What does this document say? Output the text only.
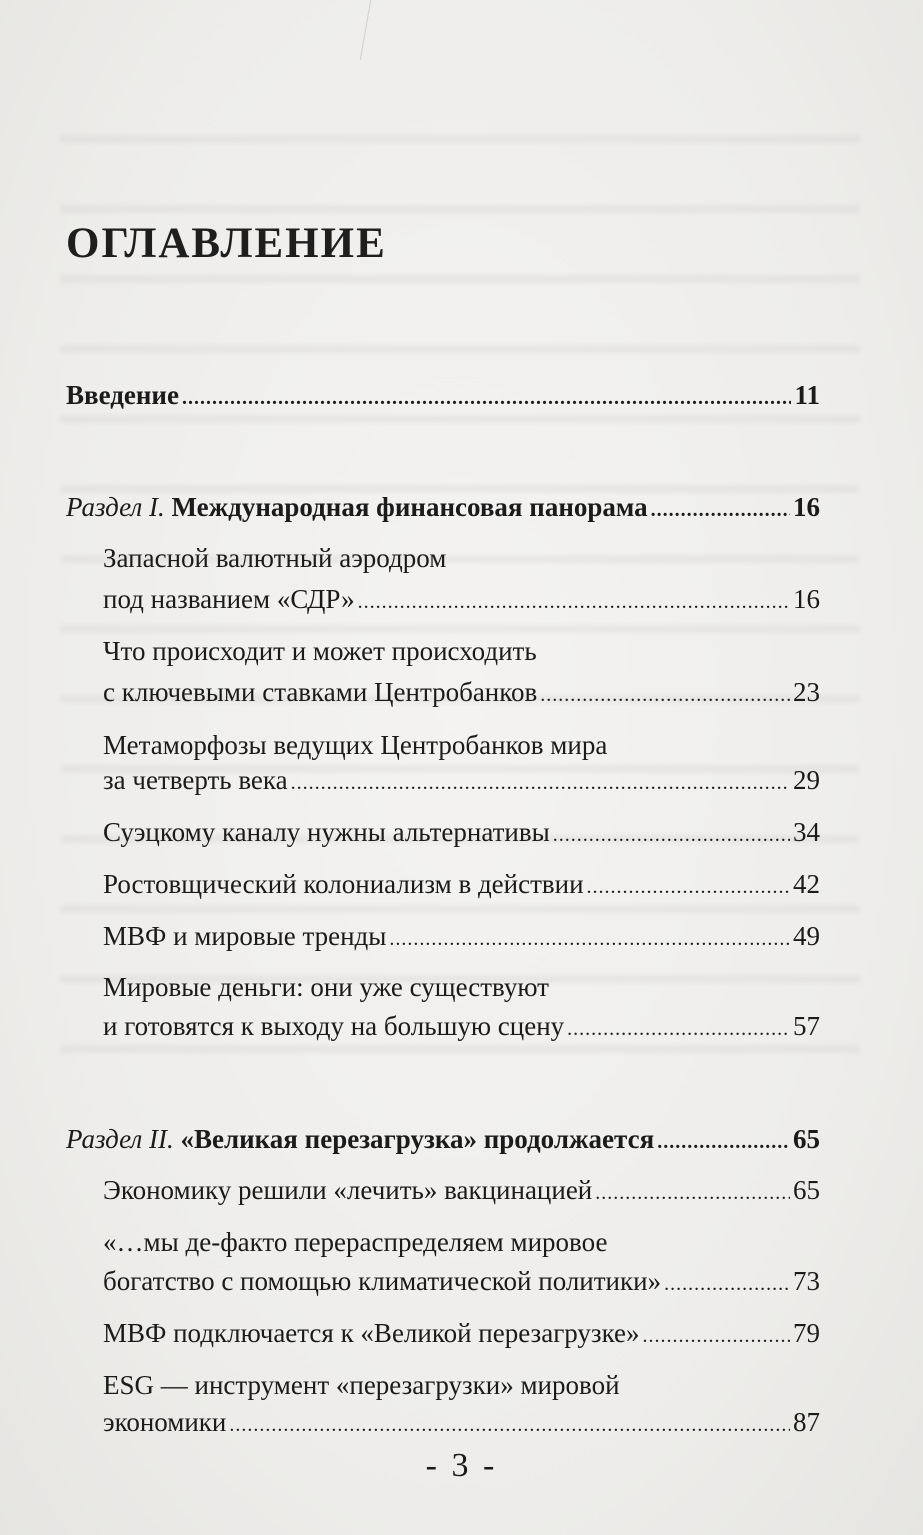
ОГЛАВЛЕНИЕ
Введение .....	11
Раздел I. Международная финансовая панорама .....	16
Запасной валютный аэродром
под названием «СДР» .....	16
Что происходит и может происходить
с ключевыми ставками Центробанков .....	23
Метаморфозы ведущих Центробанков мира
за четверть века .....	29
Суэцкому каналу нужны альтернативы .....	34
Ростовщический колониализм в действии .....	42
МВФ и мировые тренды .....	49
Мировые деньги: они уже существуют
и готовятся к выходу на большую сцену .....	57
Раздел II. «Великая перезагрузка» продолжается .....	65
Экономику решили «лечить» вакцинацией .....	65
«…мы де-факто перераспределяем мировое
богатство с помощью климатической политики» .....	73
МВФ подключается к «Великой перезагрузке» .....	79
ESG — инструмент «перезагрузки» мировой
экономики .....	87
- 3 -
